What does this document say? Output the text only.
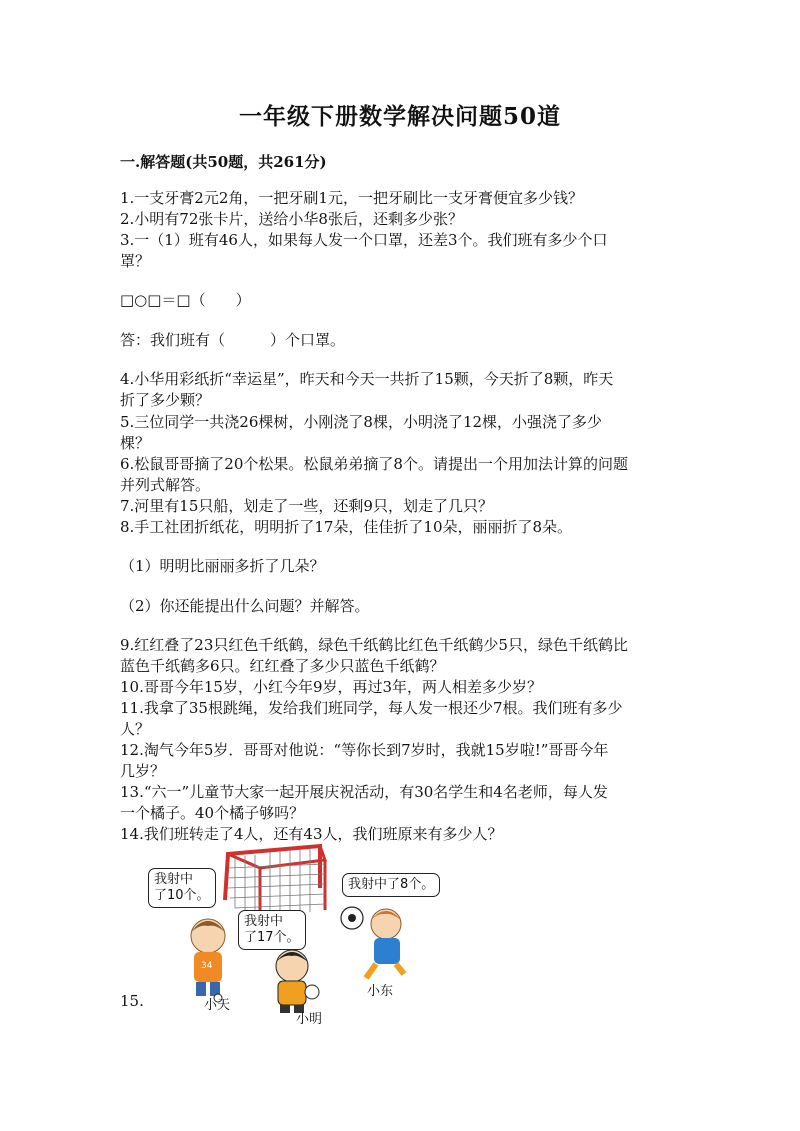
一年级下册数学解决问题50道
一.解答题(共50题，共261分)
1.一支牙膏2元2角，一把牙刷1元，一把牙刷比一支牙膏便宜多少钱？
2.小明有72张卡片，送给小华8张后，还剩多少张？
3.一（1）班有46人，如果每人发一个口罩，还差3个。我们班有多少个口
罩？
□○□＝□（　　）
答：我们班有（　　　）个口罩。
4.小华用彩纸折“幸运星”，昨天和今天一共折了15颗，今天折了8颗，昨天
折了多少颗？
5.三位同学一共浇26棵树，小刚浇了8棵，小明浇了12棵，小强浇了多少
棵？
6.松鼠哥哥摘了20个松果。松鼠弟弟摘了8个。请提出一个用加法计算的问题
并列式解答。
7.河里有15只船，划走了一些，还剩9只，划走了几只？
8.手工社团折纸花，明明折了17朵，佳佳折了10朵，丽丽折了8朵。
（1）明明比丽丽多折了几朵？
（2）你还能提出什么问题？并解答。
9.红红叠了23只红色千纸鹤，绿色千纸鹤比红色千纸鹤少5只，绿色千纸鹤比
蓝色千纸鹤多6只。红红叠了多少只蓝色千纸鹤？
10.哥哥今年15岁，小红今年9岁，再过3年，两人相差多少岁？
11.我拿了35根跳绳，发给我们班同学，每人发一根还少7根。我们班有多少
人？
12.淘气今年5岁．哥哥对他说：“等你长到7岁时，我就15岁啦!”哥哥今年
几岁？
13.“六一”儿童节大家一起开展庆祝活动，有30名学生和4名老师，每人发
一个橘子。40个橘子够吗？
14.我们班转走了4人，还有43人，我们班原来有多少人？
15.
我射中
了10个。
我射中
了17个。
我射中了8个。
小天
小明
小东
34
